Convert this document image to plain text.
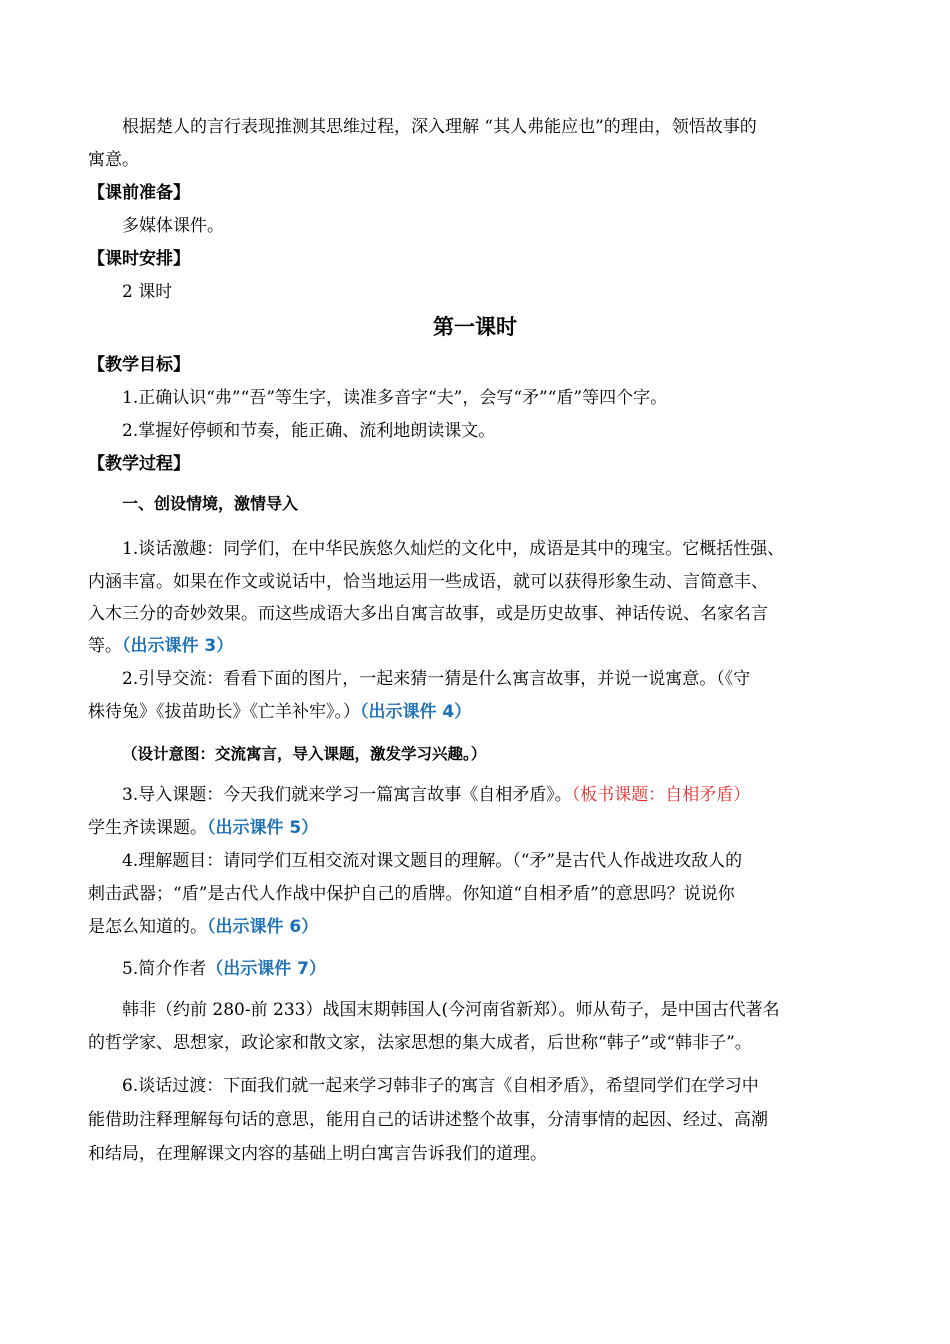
根据楚人的言行表现推测其思维过程，深入理解 “其人弗能应也”的理由，领悟故事的

寓意。

【课前准备】

多媒体课件。

【课时安排】

2 课时

第一课时

【教学目标】

1.正确认识“弗”“吾”等生字，读准多音字“夫”，会写“矛”“盾”等四个字。

2.掌握好停顿和节奏，能正确、流利地朗读课文。

【教学过程】

一、创设情境，激情导入

1.谈话激趣：同学们，在中华民族悠久灿烂的文化中，成语是其中的瑰宝。它概括性强、

内涵丰富。如果在作文或说话中，恰当地运用一些成语，就可以获得形象生动、言简意丰、

入木三分的奇妙效果。而这些成语大多出自寓言故事，或是历史故事、神话传说、名家名言

等。（出示课件 3）

2.引导交流：看看下面的图片，一起来猜一猜是什么寓言故事，并说一说寓意。（《守

株待兔》《拔苗助长》《亡羊补牢》。）（出示课件 4）

（设计意图：交流寓言，导入课题，激发学习兴趣。）

3.导入课题：今天我们就来学习一篇寓言故事《自相矛盾》。（板书课题：自相矛盾）

学生齐读课题。（出示课件 5）

4.理解题目：请同学们互相交流对课文题目的理解。（“矛”是古代人作战进攻敌人的

刺击武器；“盾”是古代人作战中保护自己的盾牌。你知道“自相矛盾”的意思吗？说说你

是怎么知道的。（出示课件 6）

5.简介作者（出示课件 7）

韩非（约前 280-前 233）战国末期韩国人(今河南省新郑）。师从荀子，是中国古代著名

的哲学家、思想家，政论家和散文家，法家思想的集大成者，后世称“韩子”或“韩非子”。

6.谈话过渡：下面我们就一起来学习韩非子的寓言《自相矛盾》，希望同学们在学习中

能借助注释理解每句话的意思，能用自己的话讲述整个故事，分清事情的起因、经过、高潮

和结局，在理解课文内容的基础上明白寓言告诉我们的道理。
